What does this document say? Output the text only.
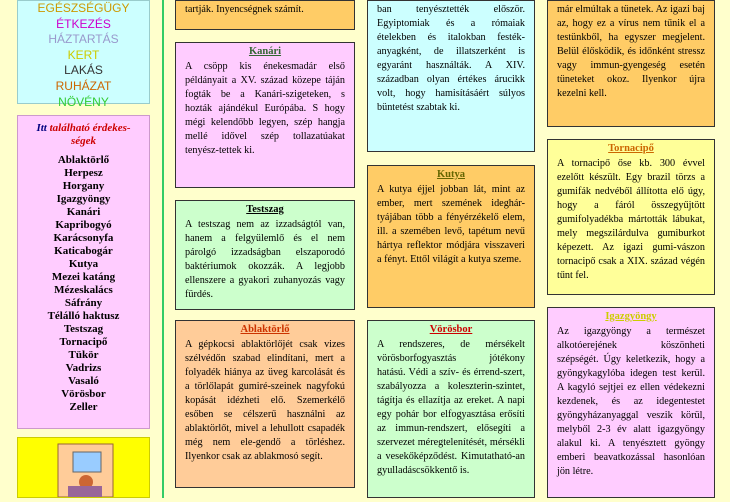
EGÉSZSÉGÜGY
ÉTKEZÉS
HÁZTARTÁS
KERT
LAKÁS
RUHÁZAT
NÖVÉNY
Itt található érdekes-ségek
Ablaktörlő
Herpesz
Horgany
Igazgyöngy
Kanári
Kapribogyó
Karácsonyfa
Katicabogár
Kutya
Mezei katáng
Mézeskalács
Sáfrány
Télálló haktusz
Testszag
Tornacipő
Tükör
Vadrizs
Vasaló
Vörösbor
Zeller
tartják. Inyencségnek számít.
Kanári
A csöpp kis énekesmadár első példányait a XV. század közepe táján fogták be a Kanári-szigeteken, s hozták ajándékul Európába. S hogy mégi kelendőbb legyen, szép hangja mellé idővel szép tollazatúakat tenyész-tettek ki.
Testszag
A testszag nem az izzadságtól van, hanem a felgyülemlő és el nem párolgó izzadságban elszaporodó baktériumok okozzák. A legjobb ellenszere a gyakori zuhanyozás vagy fürdés.
Ablaktörlő
A gépkocsi ablaktörlőjét csak vizes szélvédőn szabad elindítani, mert a folyadék hiánya az üveg karcolását és a törlőlapát gumiré-szeinek nagyfokú kopását idézheti elő. Szemerkélő esőben se célszerű használni az ablaktörlőt, mivel a lehullott csapadék még nem ele-gendő a törléshez. Ilyenkor csak az ablakmosó segít.
ban tenyésztették először. Egyiptomiak és a rómaiak ételekben és italokban festék-anyagként, de illatszerként is egyaránt használták. A XIV. században olyan értékes árucikk volt, hogy hamisításáért súlyos büntetést szabtak ki.
Kutya
A kutya éjjel jobban lát, mint az ember, mert szemének ideghár-tyájában több a fényérzékelő elem, ill. a szemében levő, tapétum nevű hártya reflektor módjára visszaveri a fényt. Ettől világít a kutya szeme.
Vörösbor
A rendszeres, de mérsékelt vörösborfogyasztás jótékony hatású. Védi a szív- és érrend-szert, szabályozza a koleszterin-szintet, tágítja és ellazítja az ereket. A napi egy pohár bor elfogyasztása erősíti az immun-rendszert, elősegíti a szervezet méregtelenítését, mérsékli a vesekőképződést. Kimutatható-an gyulladáscsökkentő is.
már elmúltak a tünetek. Az igazi baj az, hogy ez a vírus nem tűnik el a testünkből, ha egyszer megjelent. Belül élősködik, és időnként stressz vagy immun-gyengeség esetén tüneteket okoz. Ilyenkor újra kezelni kell.
Tornacipő
A tornacipő őse kb. 300 évvel ezelőtt készült. Egy brazil törzs a gumifák nedvéből állította elő úgy, hogy a fáról összegyűjtött gumifolyadékba mártották lábukat, mely megszilárdulva gumiburkot képezett. Az igazi gumi-vászon tornacipő csak a XIX. század végén tűnt fel.
Igazgyöngy
Az igazgyöngy a természet alkotóerejének köszönheti szépségét. Úgy keletkezik, hogy a gyöngykagylóba idegen test kerül. A kagyló sejtjei ez ellen védekezni kezdenek, és az idegentestet gyöngyházanyaggal veszik körül, melyből 2-3 év alatt igazgyöngy alakul ki. A tenyésztett gyöngy emberi beavatkozással hasonlóan jön létre.
